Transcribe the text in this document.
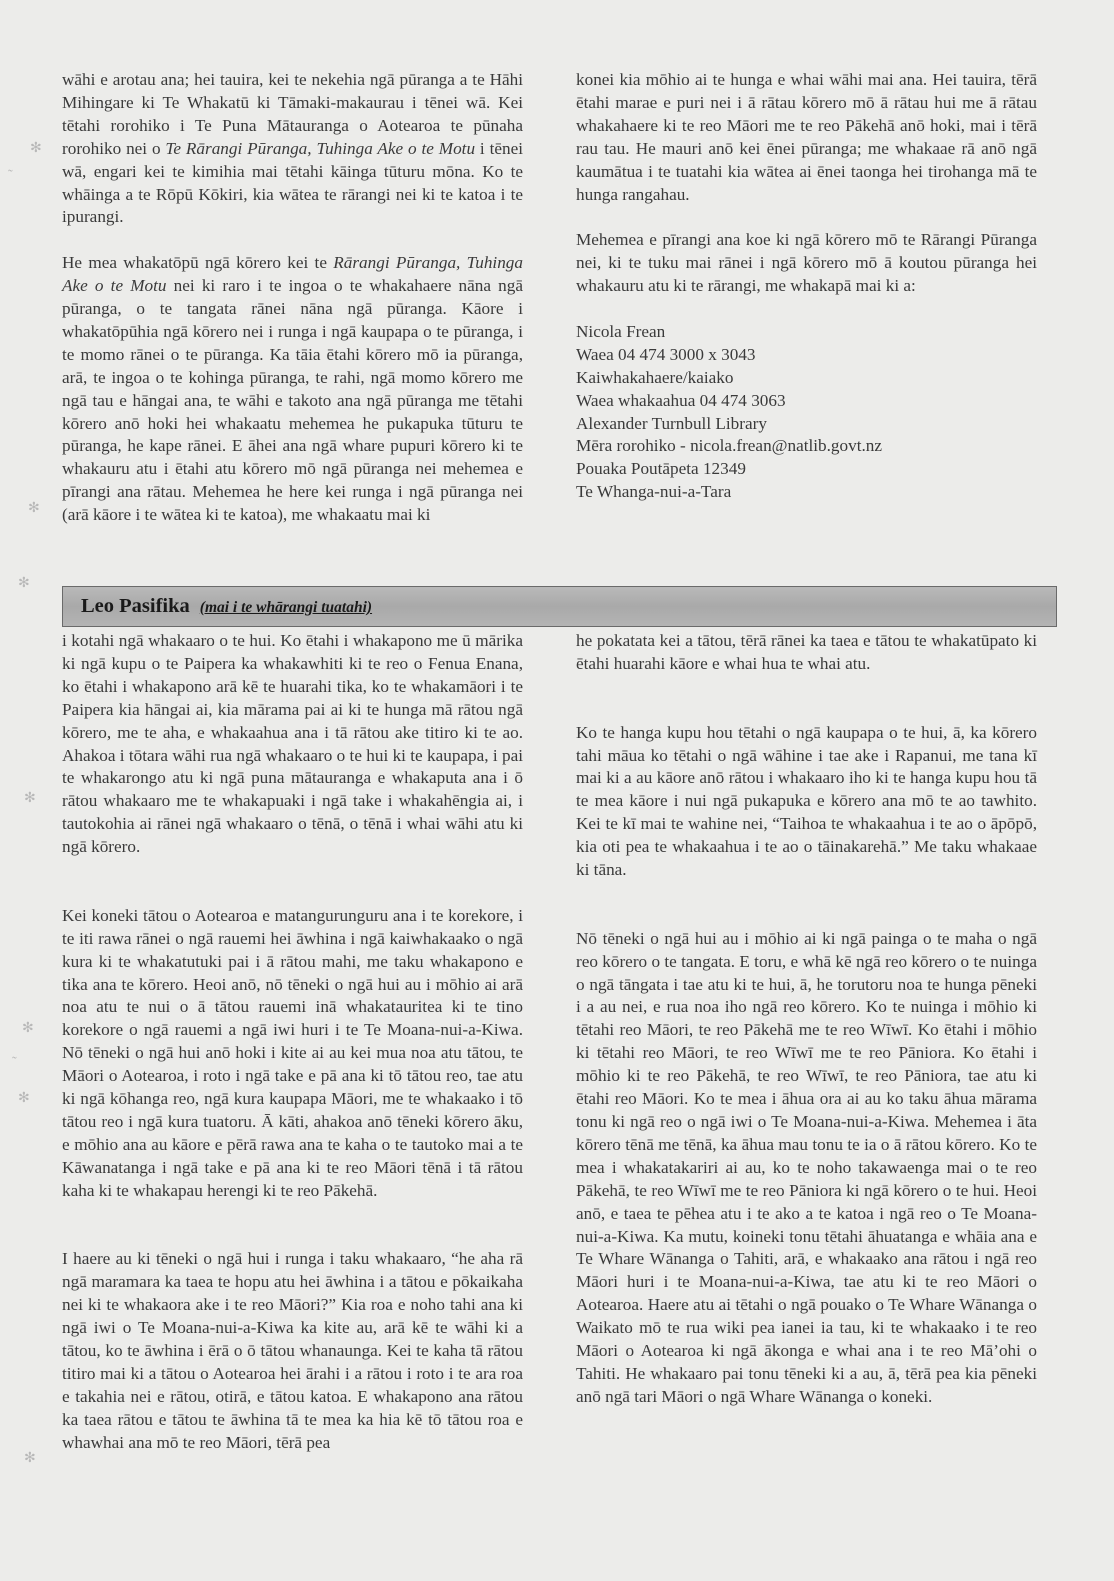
wāhi e arotau ana; hei tauira, kei te nekehia ngā pūranga a te Hāhi Mihingare ki Te Whakatū ki Tāmaki-makaurau i tēnei wā. Kei tētahi rorohiko i Te Puna Mātauranga o Aotearoa te pūnaha rorohiko nei o Te Rārangi Pūranga, Tuhinga Ake o te Motu i tēnei wā, engari kei te kimihia mai tētahi kāinga tūturu mōna. Ko te whāinga a te Rōpū Kōkiri, kia wātea te rārangi nei ki te katoa i te ipurangi.

He mea whakatōpū ngā kōrero kei te Rārangi Pūranga, Tuhinga Ake o te Motu nei ki raro i te ingoa o te whakahaere nāna ngā pūranga, o te tangata rānei nāna ngā pūranga. Kāore i whakatōpūhia ngā kōrero nei i runga i ngā kaupapa o te pūranga, i te momo rānei o te pūranga. Ka tāia ētahi kōrero mō ia pūranga, arā, te ingoa o te kohinga pūranga, te rahi, ngā momo kōrero me ngā tau e hāngai ana, te wāhi e takoto ana ngā pūranga me tētahi kōrero anō hoki hei whakaatu mehemea he pukapuka tūturu te pūranga, he kape rānei. E āhei ana ngā whare pupuri kōrero ki te whakauru atu i ētahi atu kōrero mō ngā pūranga nei mehemea e pīrangi ana rātau. Mehemea he here kei runga i ngā pūranga nei (arā kāore i te wātea ki te katoa), me whakaatu mai ki

konei kia mōhio ai te hunga e whai wāhi mai ana. Hei tauira, tērā ētahi marae e puri nei i ā rātau kōrero mō ā rātau hui me ā rātau whakahaere ki te reo Māori me te reo Pākehā anō hoki, mai i tērā rau tau. He mauri anō kei ēnei pūranga; me whakaae rā anō ngā kaumātua i te tuatahi kia wātea ai ēnei taonga hei tirohanga mā te hunga rangahau.

Mehemea e pīrangi ana koe ki ngā kōrero mō te Rārangi Pūranga nei, ki te tuku mai rānei i ngā kōrero mō ā koutou pūranga hei whakauru atu ki te rārangi, me whakapā mai ki a:

Nicola Frean
Waea 04 474 3000 x 3043
Kaiwhakahaere/kaiako
Waea whakaahua 04 474 3063
Alexander Turnbull Library
Mēra rorohiko - nicola.frean@natlib.govt.nz
Pouaka Poutāpeta 12349
Te Whanga-nui-a-Tara
Leo Pasifika (mai i te whārangi tuatahi)

i kotahi ngā whakaaro o te hui. Ko ētahi i whakapono me ū mārika ki ngā kupu o te Paipera ka whakawhiti ki te reo o Fenua Enana, ko ētahi i whakapono arā kē te huarahi tika, ko te whakamāori i te Paipera kia hāngai ai, kia mārama pai ai ki te hunga mā rātou ngā kōrero, me te aha, e whakaahua ana i tā rātou ake titiro ki te ao. Ahakoa i tōtara wāhi rua ngā whakaaro o te hui ki te kaupapa, i pai te whakarongo atu ki ngā puna mātauranga e whakaputa ana i ō rātou whakaaro me te whakapuaki i ngā take i whakahēngia ai, i tautokohia ai rānei ngā whakaaro o tēnā, o tēnā i whai wāhi atu ki ngā kōrero.

Kei koneki tātou o Aotearoa e matangurunguru ana i te korekore, i te iti rawa rānei o ngā rauemi hei āwhina i ngā kaiwhakaako o ngā kura ki te whakatutuki pai i ā rātou mahi, me taku whakapono e tika ana te kōrero. Heoi anō, nō tēneki o ngā hui au i mōhio ai arā noa atu te nui o ā tātou rauemi inā whakatauritea ki te tino korekore o ngā rauemi a ngā iwi huri i te Te Moana-nui-a-Kiwa. Nō tēneki o ngā hui anō hoki i kite ai au kei mua noa atu tātou, te Māori o Aotearoa, i roto i ngā take e pā ana ki tō tātou reo, tae atu ki ngā kōhanga reo, ngā kura kaupapa Māori, me te whakaako i tō tātou reo i ngā kura tuatoru. Ā kāti, ahakoa anō tēneki kōrero āku, e mōhio ana au kāore e pērā rawa ana te kaha o te tautoko mai a te Kāwanatanga i ngā take e pā ana ki te reo Māori tēnā i tā rātou kaha ki te whakapau herengi ki te reo Pākehā.

I haere au ki tēneki o ngā hui i runga i taku whakaaro, “he aha rā ngā maramara ka taea te hopu atu hei āwhina i a tātou e pōkaikaha nei ki te whakaora ake i te reo Māori?” Kia roa e noho tahi ana ki ngā iwi o Te Moana-nui-a-Kiwa ka kite au, arā kē te wāhi ki a tātou, ko te āwhina i ērā o ō tātou whanaunga. Kei te kaha tā rātou titiro mai ki a tātou o Aotearoa hei ārahi i a rātou i roto i te ara roa e takahia nei e rātou, otirā, e tātou katoa. E whakapono ana rātou ka taea rātou e tātou te āwhina tā te mea ka hia kē tō tātou roa e whawhai ana mō te reo Māori, tērā pea

he pokatata kei a tātou, tērā rānei ka taea e tātou te whakatūpato ki ētahi huarahi kāore e whai hua te whai atu.

Ko te hanga kupu hou tētahi o ngā kaupapa o te hui, ā, ka kōrero tahi māua ko tētahi o ngā wāhine i tae ake i Rapanui, me tana kī mai ki a au kāore anō rātou i whakaaro iho ki te hanga kupu hou tā te mea kāore i nui ngā pukapuka e kōrero ana mō te ao tawhito. Kei te kī mai te wahine nei, “Taihoa te whakaahua i te ao o āpōpō, kia oti pea te whakaahua i te ao o tāinakarehā.” Me taku whakaae ki tāna.

Nō tēneki o ngā hui au i mōhio ai ki ngā painga o te maha o ngā reo kōrero o te tangata. E toru, e whā kē ngā reo kōrero o te nuinga o ngā tāngata i tae atu ki te hui, ā, he torutoru noa te hunga pēneki i a au nei, e rua noa iho ngā reo kōrero. Ko te nuinga i mōhio ki tētahi reo Māori, te reo Pākehā me te reo Wīwī. Ko ētahi i mōhio ki tētahi reo Māori, te reo Wīwī me te reo Pāniora. Ko ētahi i mōhio ki te reo Pākehā, te reo Wīwī, te reo Pāniora, tae atu ki ētahi reo Māori. Ko te mea i āhua ora ai au ko taku āhua mārama tonu ki ngā reo o ngā iwi o Te Moana-nui-a-Kiwa. Mehemea i āta kōrero tēnā me tēnā, ka āhua mau tonu te ia o ā rātou kōrero. Ko te mea i whakatakariri ai au, ko te noho takawaenga mai o te reo Pākehā, te reo Wīwī me te reo Pāniora ki ngā kōrero o te hui. Heoi anō, e taea te pēhea atu i te ako a te katoa i ngā reo o Te Moana-nui-a-Kiwa. Ka mutu, koineki tonu tētahi āhuatanga e whāia ana e Te Whare Wānanga o Tahiti, arā, e whakaako ana rātou i ngā reo Māori huri i te Moana-nui-a-Kiwa, tae atu ki te reo Māori o Aotearoa. Haere atu ai tētahi o ngā pouako o Te Whare Wānanga o Waikato mō te rua wiki pea ianei ia tau, ki te whakaako i te reo Māori o Aotearoa ki ngā ākonga e whai ana i te reo Mā’ohi o Tahiti. He whakaaro pai tonu tēneki ki a au, ā, tērā pea kia pēneki anō ngā tari Māori o ngā Whare Wānanga o koneki.

✻
˜
✻
✻
✻
✻
˜
✻
✻
